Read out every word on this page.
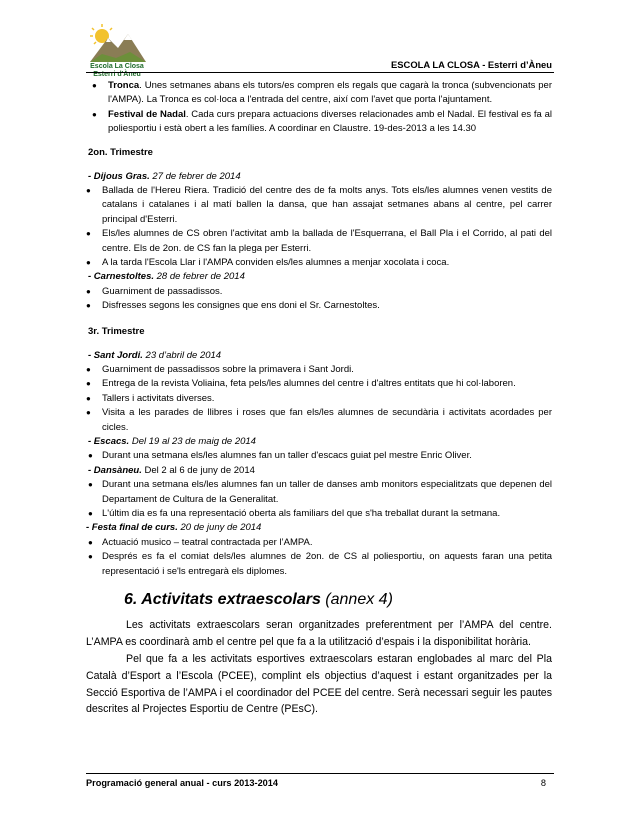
Escola La Closa
Esterri d'Àneu
ESCOLA LA CLOSA - Esterri d’Àneu

● Tronca. Unes setmanes abans els tutors/es compren els regals que cagarà la tronca (subvencionats per l'AMPA). La Tronca es col·loca a l'entrada del centre, així com l'avet que porta l'ajuntament.

● Festival de Nadal. Cada curs prepara actuacions diverses relacionades amb el Nadal. El festival es fa al poliesportiu i està obert a les famílies. A coordinar en Claustre. 19-des-2013 a les 14.30

2on. Trimestre

- Dijous Gras. 27 de febrer de 2014

● Ballada de l'Hereu Riera. Tradició del centre des de fa molts anys. Tots els/les alumnes venen vestits de catalans i catalanes i al matí ballen la dansa, que han assajat setmanes abans al centre, pel carrer principal d'Esterri.

● Els/les alumnes de CS obren l'activitat amb la ballada de l'Esquerrana, el Ball Pla i el Corrido, al pati del centre. Els de 2on. de CS fan la plega per Esterri.

● A la tarda l'Escola Llar i l'AMPA conviden els/les alumnes a menjar xocolata i coca.

- Carnestoltes. 28 de febrer de 2014

● Guarniment de passadissos.

● Disfresses segons les consignes que ens doni el Sr. Carnestoltes.

3r. Trimestre

- Sant Jordi. 23 d’abril de 2014

● Guarniment de passadissos sobre la primavera i Sant Jordi.

● Entrega de la revista Voliaina, feta pels/les alumnes del centre i d'altres entitats que hi col·laboren.

● Tallers i activitats diverses.

● Visita a les parades de llibres i roses que fan els/les alumnes de secundària i activitats acordades per cicles.

- Escacs. Del 19 al 23 de maig de 2014

● Durant una setmana els/les alumnes fan un taller d'escacs guiat pel mestre Enric Oliver.

- Dansàneu. Del 2 al 6 de juny de 2014

● Durant una setmana els/les alumnes fan un taller de danses amb monitors especialitzats que depenen del Departament de Cultura de la Generalitat.

● L'últim dia es fa una representació oberta als familiars del que s'ha treballat durant la setmana.

- Festa final de curs. 20 de juny de 2014

● Actuació musico – teatral contractada per l’AMPA.

● Després es fa el comiat dels/les alumnes de 2on. de CS al poliesportiu, on aquests faran una petita representació i se'ls entregarà els diplomes.

6. Activitats extraescolars (annex 4)

Les activitats extraescolars seran organitzades preferentment per l’AMPA del centre. L’AMPA es coordinarà amb el centre pel que fa a la utilització d’espais i la disponibilitat horària.

Pel que fa a les activitats esportives extraescolars estaran englobades al marc del Pla Català d’Esport a l’Escola (PCEE), complint els objectius d’aquest i estant organitzades per la Secció Esportiva de l’AMPA i el coordinador del PCEE del centre. Serà necessari seguir les pautes descrites al Projectes Esportiu de Centre (PEsC).

Programació general anual - curs 2013-2014	8
